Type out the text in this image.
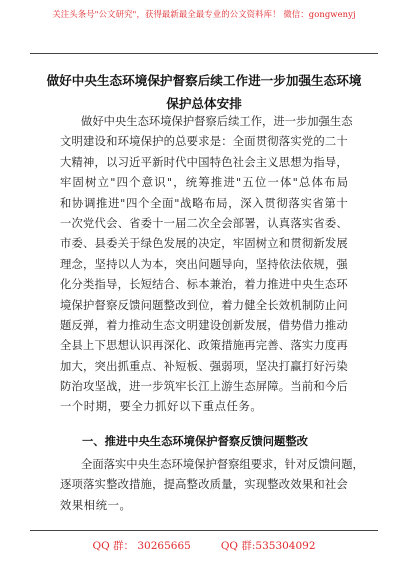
关注头条号"公文研究"，获得最新最全最专业的公文资料库！ 微信：gongwenyj
做好中央生态环境保护督察后续工作进一步加强生态环境
保护总体安排
做 好 中 央 生 态 环 境 保 护 督 察 后 续 工 作 ， 进 一 步 加 强 生 态
文 明 建 设 和 环 境 保 护 的 总 要 求 是 ： 全 面 贯 彻 落 实 党 的 二 十
大 精 神 ， 以 习 近 平 新 时 代 中 国 特 色 社 会 主 义 思 想 为 指 导 ，
牢 固 树 立 " 四 个 意 识 " ， 统 筹 推 进 " 五 位 一 体 " 总 体 布 局
和 协 调 推 进 " 四 个 全 面 " 战 略 布 局 ， 深 入 贯 彻 落 实 省 第 十
一 次 党 代 会 、 省 委 十 一 届 二 次 全 会 部 署 ， 认 真 落 实 省 委 、
市 委 、 县 委 关 于 绿 色 发 展 的 决 定 ， 牢 固 树 立 和 贯 彻 新 发 展
理 念 ， 坚 持 以 人 为 本 ， 突 出 问 题 导 向 ， 坚 持 依 法 依 规 ， 强
化 分 类 指 导 ， 长 短 结 合 、 标 本 兼 治 ， 着 力 推 进 中 央 生 态 环
境 保 护 督 察 反 馈 问 题 整 改 到 位 ， 着 力 健 全 长 效 机 制 防 止 问
题 反 弹 ， 着 力 推 动 生 态 文 明 建 设 创 新 发 展 ， 借 势 借 力 推 动
全 县 上 下 思 想 认 识 再 深 化 、 政 策 措 施 再 完 善 、 落 实 力 度 再
加 大 ， 突 出 抓 重 点 、 补 短 板 、 强 弱 项 ， 坚 决 打 赢 打 好 污 染
防 治 攻 坚 战 ， 进 一 步 筑 牢 长 江 上 游 生 态 屏 障 。 当 前 和 今 后
一个时期，要全力抓好以下重点任务。
一、推进中央生态环境保护督察反馈问题整改
全 面 落 实 中 央 生 态 环 境 保 护 督 察 组 要 求 ， 针 对 反 馈 问 题 ，
逐 项 落 实 整 改 措 施 ， 提 高 整 改 质 量 ， 实 现 整 改 效 果 和 社 会
效果相统一。
QQ 群： 30265665	QQ 群:535304092
